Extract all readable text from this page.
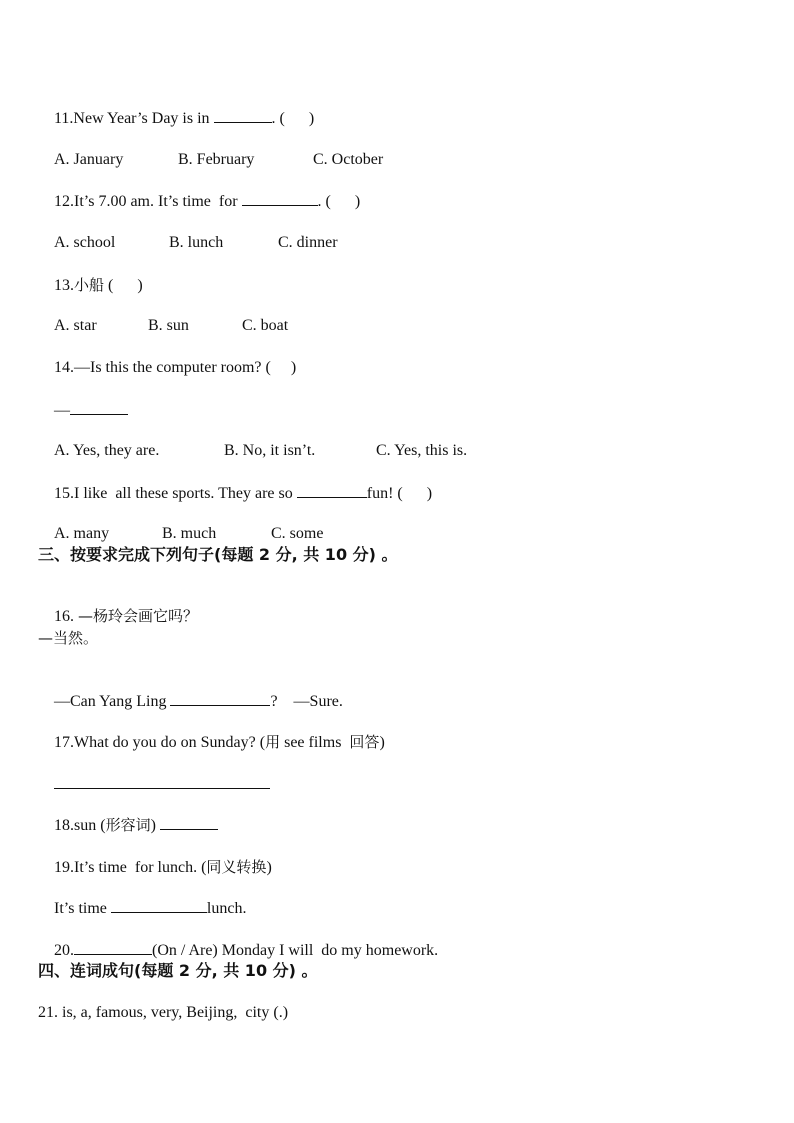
11.New Year’s Day is in	. (      )

A. January	B. February	C. October

12.It’s 7.00 am. It’s time  for	. (      )

A. school	B. lunch	C. dinner

13.小船 (      )

A. star	B. sun	C. boat

14.—Is this the computer room? (     )

—

A. Yes, they are.	B. No, it isn’t.	C. Yes, this is.

15.I like  all these sports. They are so	fun! (      )

A. many	B. much	C. some

三、按要求完成下列句子(每题 2 分, 共 10 分) 。

16. —杨玲会画它吗？

—当然。

—Can Yang Ling	?    —Sure.

17.What do you do on Sunday? (用 see films  回答)

18.sun (形容词)

19.It’s time  for lunch. (同义转换)

It’s time	lunch.

20.	(On / Are) Monday I will  do my homework.

四、连词成句(每题 2 分, 共 10 分) 。
21. is, a, famous, very, Beijing,  city (.)
